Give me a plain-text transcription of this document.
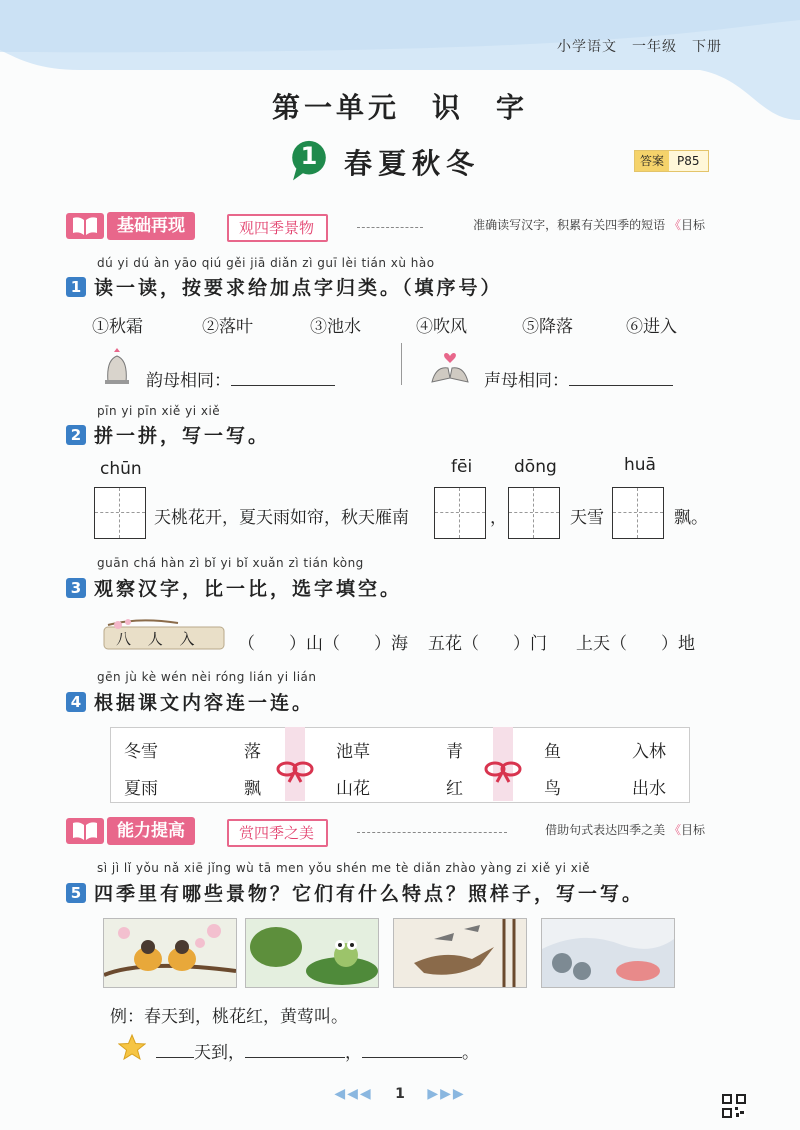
小学语文　一年级　下册
第一单元　识　字
1 春夏秋冬	答案	P85
基础再现	观四季景物	准确读写汉字，积累有关四季的短语 《目标
dú yi dú àn yāo qiú gěi jiā diǎn zì guī lèi tián xù hào
1 读一读，按要求给加点字归类。（填序号）
①秋霜	②落叶	③池水	④吹风	⑤降落	⑥进入
韵母相同：	声母相同：
pīn yi pīn xiě yi xiě
2 拼一拼，写一写。
chūn	fēi dōng	huā
天桃花开，夏天雨如帘，秋天雁南	，	天雪	飘。
guān chá hàn zì bǐ yi bǐ xuǎn zì tián kòng
3 观察汉字，比一比，选字填空。
八 人 入 （　　）山（　　）海 五花（　　）门 上天（　　）地
gēn jù kè wén nèi róng lián yi lián
4 根据课文内容连一连。
冬雪	落	池草	青	鱼	入林
夏雨	飘	山花	红	鸟	出水
能力提高	赏四季之美	借助句式表达四季之美 《目标
sì jì lǐ yǒu nǎ xiē jǐng wù tā men yǒu shén me tè diǎn zhào yàng zi xiě yi xiě
5 四季里有哪些景物？它们有什么特点？照样子，写一写。
例：春天到，桃花红，黄莺叫。
天到，	，	。
◀◀◀ 1 ▶▶▶
